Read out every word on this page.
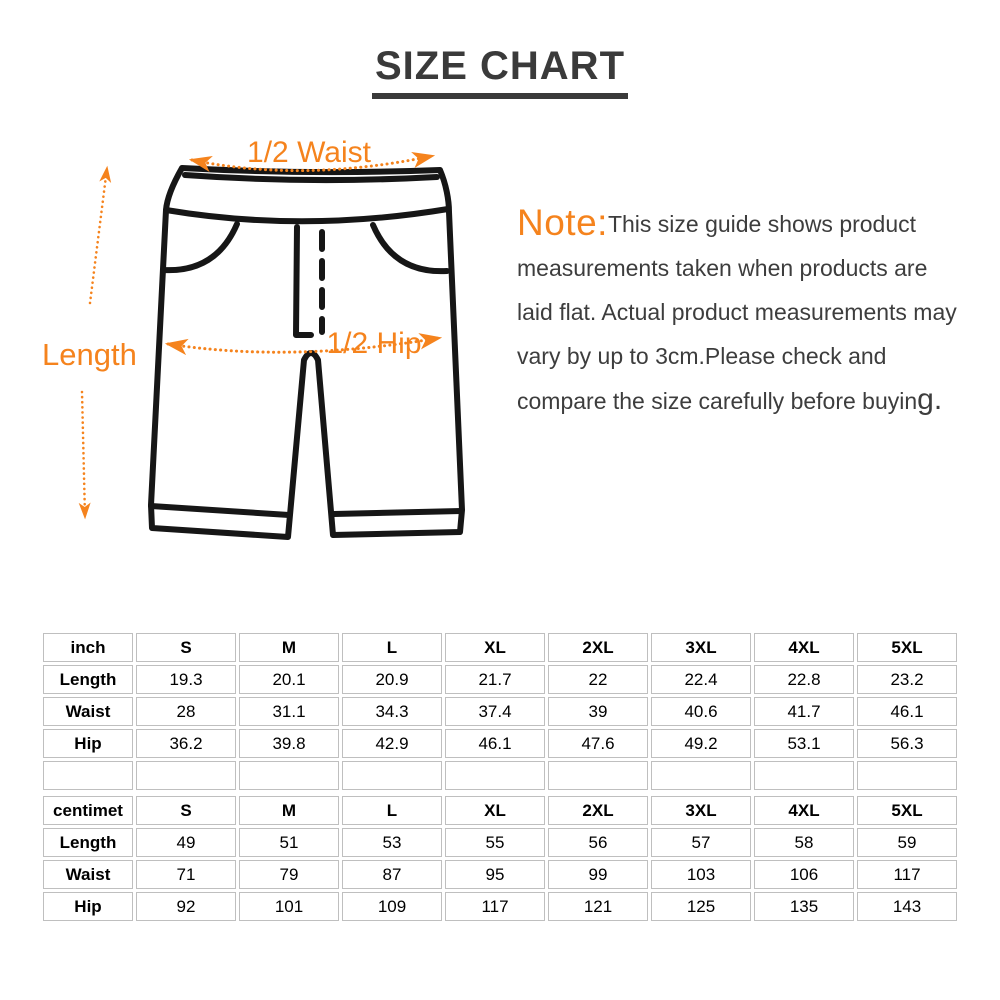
SIZE CHART
1/2 Waist
1/2 Hip
Length
Note:This size guide shows product measurements taken when products are laid flat. Actual product measurements may vary by up to 3cm.Please check and compare the size carefully before buying.
inch	S	M	L	XL	2XL	3XL	4XL	5XL
Length	19.3	20.1	20.9	21.7	22	22.4	22.8	23.2
Waist	28	31.1	34.3	37.4	39	40.6	41.7	46.1
Hip	36.2	39.8	42.9	46.1	47.6	49.2	53.1	56.3

centimet	S	M	L	XL	2XL	3XL	4XL	5XL
Length	49	51	53	55	56	57	58	59
Waist	71	79	87	95	99	103	106	117
Hip	92	101	109	117	121	125	135	143
